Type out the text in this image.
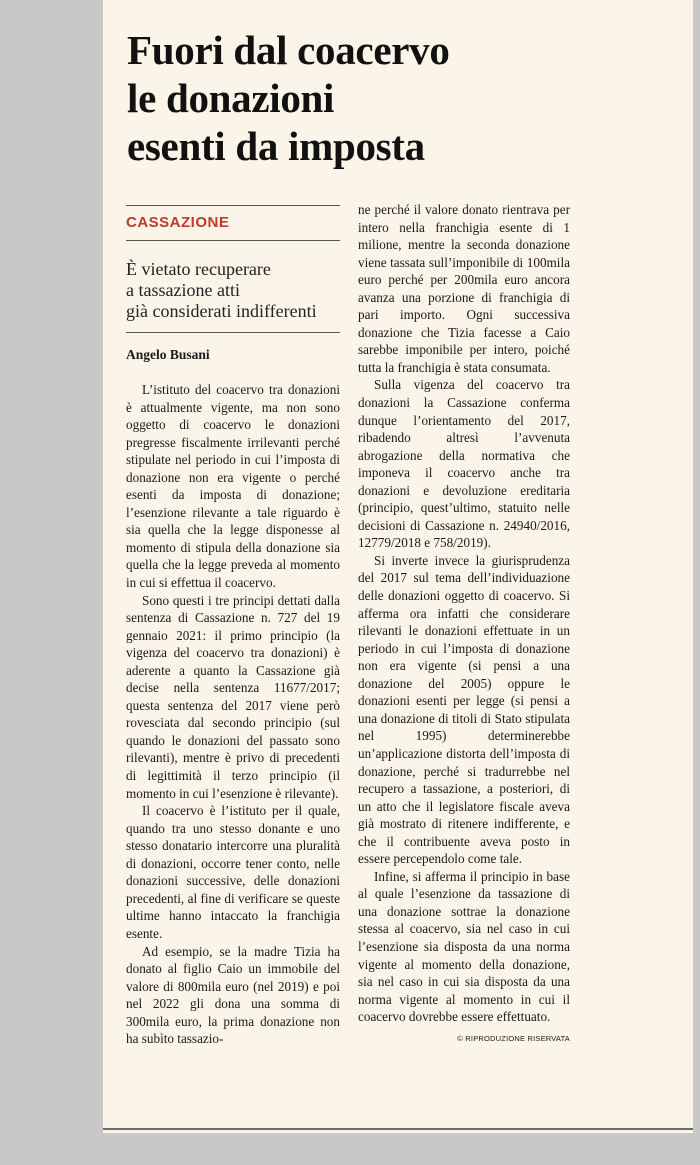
Fuori dal coacervo
le donazioni
esenti da imposta
CASSAZIONE
È vietato recuperare
a tassazione atti
già considerati indifferenti
Angelo Busani

L’istituto del coacervo tra donazioni è attualmente vigente, ma non sono oggetto di coacervo le donazioni pregresse fiscalmente irrilevanti perché stipulate nel periodo in cui l’imposta di donazione non era vigente o perché esenti da imposta di donazione; l’esenzione rilevante a tale riguardo è sia quella che la legge disponesse al momento di stipula della donazione sia quella che la legge preveda al momento in cui si effettua il coacervo.

Sono questi i tre principi dettati dalla sentenza di Cassazione n. 727 del 19 gennaio 2021: il primo principio (la vigenza del coacervo tra donazioni) è aderente a quanto la Cassazione già decise nella sentenza 11677/2017; questa sentenza del 2017 viene però rovesciata dal secondo principio (sul quando le donazioni del passato sono rilevanti), mentre è privo di precedenti di legittimità il terzo principio (il momento in cui l’esenzione è rilevante).

Il coacervo è l’istituto per il quale, quando tra uno stesso donante e uno stesso donatario intercorre una pluralità di donazioni, occorre tener conto, nelle donazioni successive, delle donazioni precedenti, al fine di verificare se queste ultime hanno intaccato la franchigia esente.

Ad esempio, se la madre Tizia ha donato al figlio Caio un immobile del valore di 800mila euro (nel 2019) e poi nel 2022 gli dona una somma di 300mila euro, la prima donazione non ha subìto tassazio-

ne perché il valore donato rientrava per intero nella franchigia esente di 1 milione, mentre la seconda donazione viene tassata sull’imponibile di 100mila euro perché per 200mila euro ancora avanza una porzione di franchigia di pari importo. Ogni successiva donazione che Tizia facesse a Caio sarebbe imponibile per intero, poiché tutta la franchigia è stata consumata.

Sulla vigenza del coacervo tra donazioni la Cassazione conferma dunque l’orientamento del 2017, ribadendo altresì l’avvenuta abrogazione della normativa che imponeva il coacervo anche tra donazioni e devoluzione ereditaria (principio, quest’ultimo, statuito nelle decisioni di Cassazione n. 24940/2016, 12779/2018 e 758/2019).

Si inverte invece la giurisprudenza del 2017 sul tema dell’individuazione delle donazioni oggetto di coacervo. Si afferma ora infatti che considerare rilevanti le donazioni effettuate in un periodo in cui l’imposta di donazione non era vigente (si pensi a una donazione del 2005) oppure le donazioni esenti per legge (si pensi a una donazione di titoli di Stato stipulata nel 1995) determinerebbe un’applicazione distorta dell’imposta di donazione, perché si tradurrebbe nel recupero a tassazione, a posteriori, di un atto che il legislatore fiscale aveva già mostrato di ritenere indifferente, e che il contribuente aveva posto in essere percependolo come tale.

Infine, si afferma il principio in base al quale l’esenzione da tassazione di una donazione sottrae la donazione stessa al coacervo, sia nel caso in cui l’esenzione sia disposta da una norma vigente al momento della donazione, sia nel caso in cui sia disposta da una norma vigente al momento in cui il coacervo dovrebbe essere effettuato.

© RIPRODUZIONE RISERVATA
